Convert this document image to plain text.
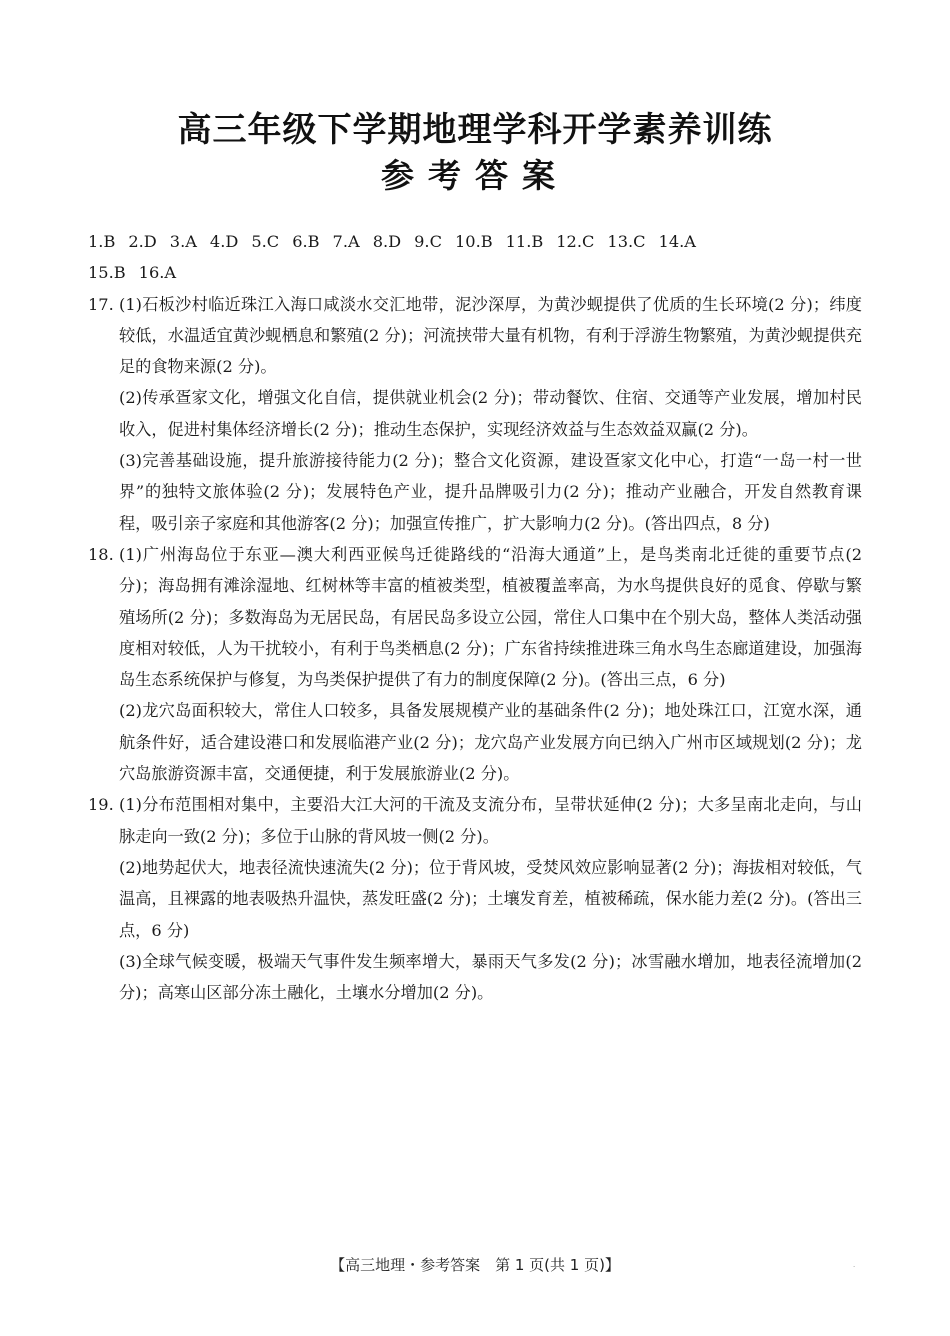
高三年级下学期地理学科开学素养训练
参考答案
1.B 2.D 3.A 4.D 5.C 6.B 7.A 8.D 9.C 10.B 11.B 12.C 13.C 14.A
15.B 16.A
17. (1)石板沙村临近珠江入海口咸淡水交汇地带，泥沙深厚，为黄沙蚬提供了优质的生长环境(2 分)；纬度较低，水温适宜黄沙蚬栖息和繁殖(2 分)；河流挟带大量有机物，有利于浮游生物繁殖，为黄沙蚬提供充足的食物来源(2 分)。
(2)传承疍家文化，增强文化自信，提供就业机会(2 分)；带动餐饮、住宿、交通等产业发展，增加村民收入，促进村集体经济增长(2 分)；推动生态保护，实现经济效益与生态效益双赢(2 分)。
(3)完善基础设施，提升旅游接待能力(2 分)；整合文化资源，建设疍家文化中心，打造“一岛一村一世界”的独特文旅体验(2 分)；发展特色产业，提升品牌吸引力(2 分)；推动产业融合，开发自然教育课程，吸引亲子家庭和其他游客(2 分)；加强宣传推广，扩大影响力(2 分)。(答出四点，8 分)
18. (1)广州海岛位于东亚—澳大利西亚候鸟迁徙路线的“沿海大通道”上，是鸟类南北迁徙的重要节点(2 分)；海岛拥有滩涂湿地、红树林等丰富的植被类型，植被覆盖率高，为水鸟提供良好的觅食、停歇与繁殖场所(2 分)；多数海岛为无居民岛，有居民岛多设立公园，常住人口集中在个别大岛，整体人类活动强度相对较低，人为干扰较小，有利于鸟类栖息(2 分)；广东省持续推进珠三角水鸟生态廊道建设，加强海岛生态系统保护与修复，为鸟类保护提供了有力的制度保障(2 分)。(答出三点，6 分)
(2)龙穴岛面积较大，常住人口较多，具备发展规模产业的基础条件(2 分)；地处珠江口，江宽水深，通航条件好，适合建设港口和发展临港产业(2 分)；龙穴岛产业发展方向已纳入广州市区域规划(2 分)；龙穴岛旅游资源丰富，交通便捷，利于发展旅游业(2 分)。
19. (1)分布范围相对集中，主要沿大江大河的干流及支流分布，呈带状延伸(2 分)；大多呈南北走向，与山脉走向一致(2 分)；多位于山脉的背风坡一侧(2 分)。
(2)地势起伏大，地表径流快速流失(2 分)；位于背风坡，受焚风效应影响显著(2 分)；海拔相对较低，气温高，且裸露的地表吸热升温快，蒸发旺盛(2 分)；土壤发育差，植被稀疏，保水能力差(2 分)。(答出三点，6 分)
(3)全球气候变暖，极端天气事件发生频率增大，暴雨天气多发(2 分)；冰雪融水增加，地表径流增加(2 分)；高寒山区部分冻土融化，土壤水分增加(2 分)。
【高三地理・参考答案　第 1 页(共 1 页)】	·
